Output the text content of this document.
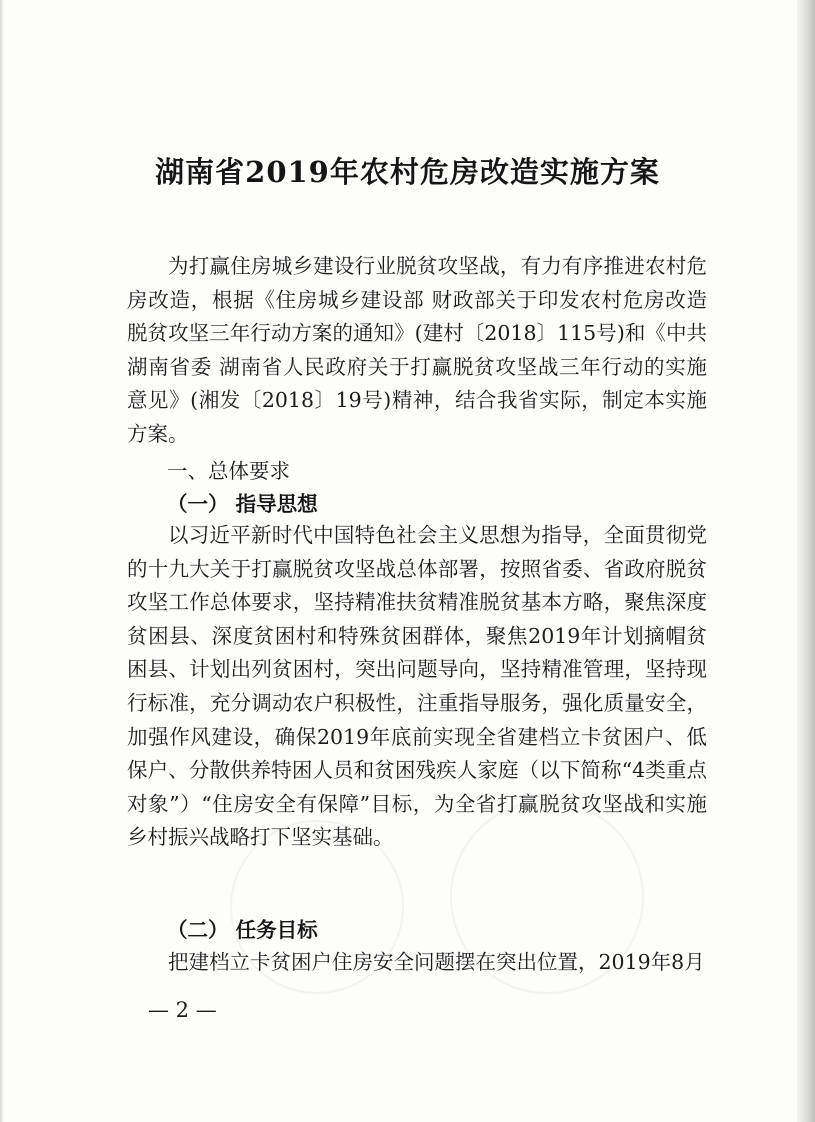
湖南省2019年农村危房改造实施方案

为打赢住房城乡建设行业脱贫攻坚战，有力有序推进农村危房改造，根据《住房城乡建设部 财政部关于印发农村危房改造脱贫攻坚三年行动方案的通知》(建村〔2018〕115号)和《中共湖南省委 湖南省人民政府关于打赢脱贫攻坚战三年行动的实施意见》(湘发〔2018〕19号)精神，结合我省实际，制定本实施方案。

一、总体要求
（一） 指导思想

以习近平新时代中国特色社会主义思想为指导，全面贯彻党的十九大关于打赢脱贫攻坚战总体部署，按照省委、省政府脱贫攻坚工作总体要求，坚持精准扶贫精准脱贫基本方略，聚焦深度贫困县、深度贫困村和特殊贫困群体，聚焦2019年计划摘帽贫困县、计划出列贫困村，突出问题导向，坚持精准管理，坚持现行标准，充分调动农户积极性，注重指导服务，强化质量安全，加强作风建设，确保2019年底前实现全省建档立卡贫困户、低保户、分散供养特困人员和贫困残疾人家庭（以下简称“4类重点对象”）“住房安全有保障”目标，为全省打赢脱贫攻坚战和实施乡村振兴战略打下坚实基础。

（二） 任务目标

把建档立卡贫困户住房安全问题摆在突出位置，2019年8月

— 2 —
